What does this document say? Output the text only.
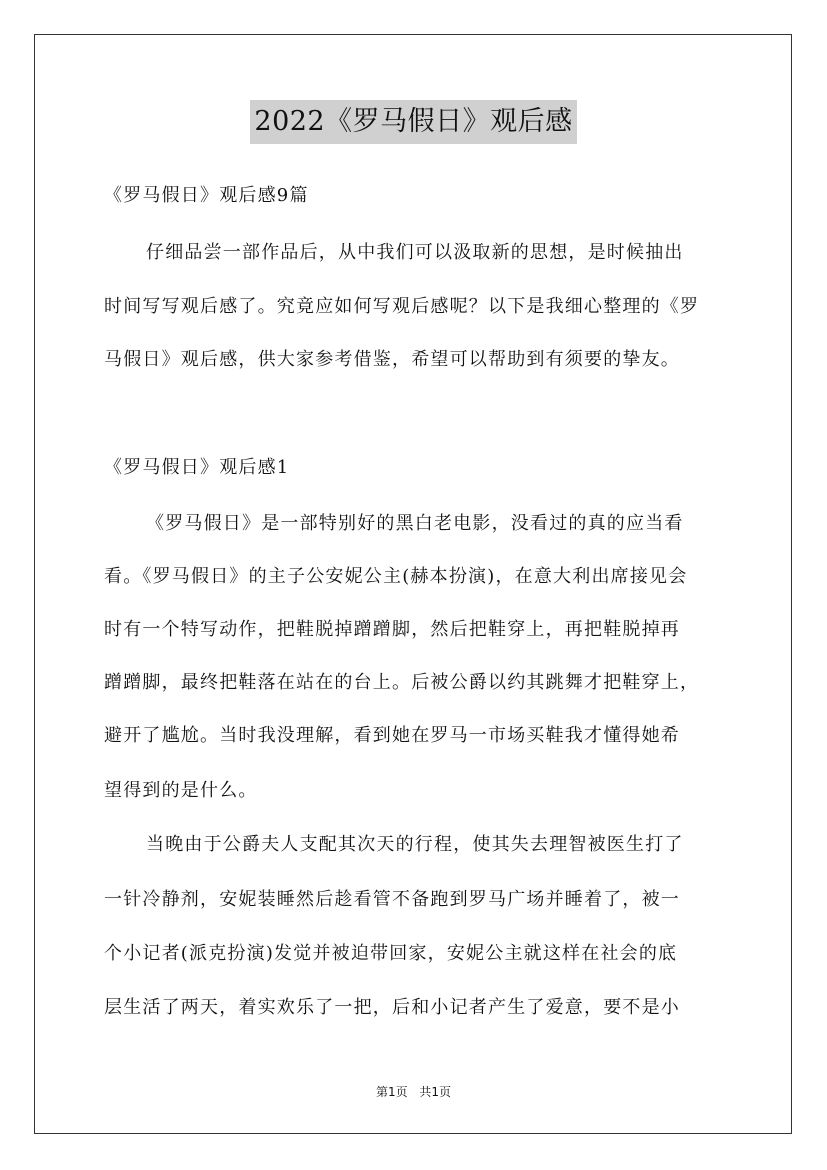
2022《罗马假日》观后感
《罗马假日》观后感9篇
仔细品尝一部作品后，从中我们可以汲取新的思想，是时候抽出
时间写写观后感了。究竟应如何写观后感呢？以下是我细心整理的《罗
马假日》观后感，供大家参考借鉴，希望可以帮助到有须要的挚友。
《罗马假日》观后感1
《罗马假日》是一部特别好的黑白老电影，没看过的真的应当看
看。《罗马假日》的主子公安妮公主(赫本扮演)，在意大利出席接见会
时有一个特写动作，把鞋脱掉蹭蹭脚，然后把鞋穿上，再把鞋脱掉再
蹭蹭脚，最终把鞋落在站在的台上。后被公爵以约其跳舞才把鞋穿上，
避开了尴尬。当时我没理解，看到她在罗马一市场买鞋我才懂得她希
望得到的是什么。
当晚由于公爵夫人支配其次天的行程，使其失去理智被医生打了
一针冷静剂，安妮装睡然后趁看管不备跑到罗马广场并睡着了，被一
个小记者(派克扮演)发觉并被迫带回家，安妮公主就这样在社会的底
层生活了两天，着实欢乐了一把，后和小记者产生了爱意，要不是小
第1页 共1页
